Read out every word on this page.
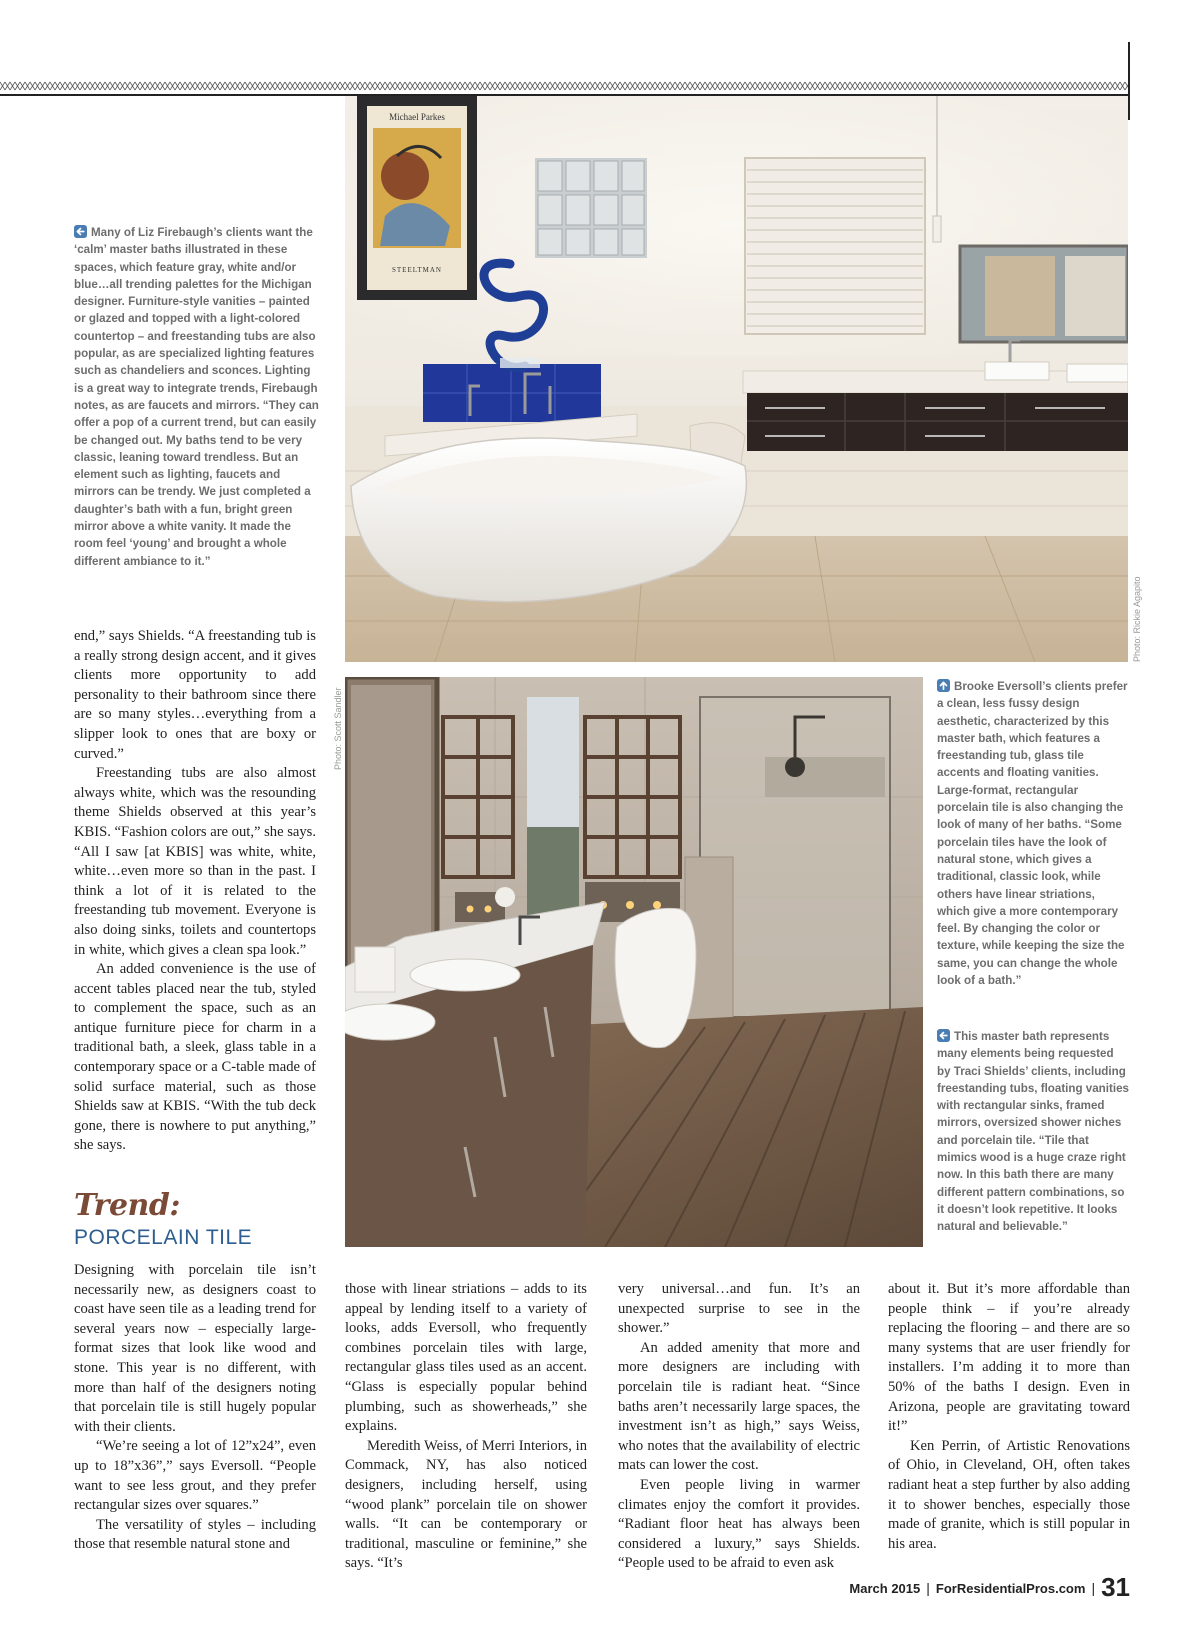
Many of Liz Firebaugh’s clients want the ‘calm’ master baths illustrated in these spaces, which feature gray, white and/or blue…all trending palettes for the Michigan designer. Furniture-style vanities – painted or glazed and topped with a light-colored countertop – and freestanding tubs are also popular, as are specialized lighting features such as chandeliers and sconces. Lighting is a great way to integrate trends, Firebaugh notes, as are faucets and mirrors. “They can offer a pop of a current trend, but can easily be changed out. My baths tend to be very classic, leaning toward trendless. But an element such as lighting, faucets and mirrors can be trendy. We just completed a daughter’s bath with a fun, bright green mirror above a white vanity. It made the room feel ‘young’ and brought a whole different ambiance to it.”
Michael Parkes
STEELTMAN
Photo: Rickie Agapito

end,” says Shields. “A freestanding tub is a really strong design accent, and it gives clients more opportunity to add personality to their bathroom since there are so many styles…everything from a slipper look to ones that are boxy or curved.”

Freestanding tubs are also almost always white, which was the resounding theme Shields observed at this year’s KBIS. “Fashion colors are out,” she says. “All I saw [at KBIS] was white, white, white…even more so than in the past. I think a lot of it is related to the freestanding tub movement. Everyone is also doing sinks, toilets and countertops in white, which gives a clean spa look.”

An added convenience is the use of accent tables placed near the tub, styled to complement the space, such as an antique furniture piece for charm in a traditional bath, a sleek, glass table in a contemporary space or a C-table made of solid surface material, such as those Shields saw at KBIS. “With the tub deck gone, there is nowhere to put anything,” she says.

Photo: Scott Sandler
Brooke Eversoll’s clients prefer a clean, less fussy design aesthetic, characterized by this master bath, which features a freestanding tub, glass tile accents and floating vanities. Large-format, rectangular porcelain tile is also changing the look of many of her baths. “Some porcelain tiles have the look of natural stone, which gives a traditional, classic look, while others have linear striations, which give a more contemporary feel. By changing the color or texture, while keeping the size the same, you can change the whole look of a bath.”
This master bath represents many elements being requested by Traci Shields’ clients, including freestanding tubs, floating vanities with rectangular sinks, framed mirrors, oversized shower niches and porcelain tile. “Tile that mimics wood is a huge craze right now. In this bath there are many different pattern combinations, so it doesn’t look repetitive. It looks natural and believable.”
Trend:
PORCELAIN TILE

Designing with porcelain tile isn’t necessarily new, as designers coast to coast have seen tile as a leading trend for several years now – especially large-format sizes that look like wood and stone. This year is no different, with more than half of the designers noting that porcelain tile is still hugely popular with their clients.

“We’re seeing a lot of 12”x24”, even up to 18”x36”,” says Eversoll. “People want to see less grout, and they prefer rectangular sizes over squares.”

The versatility of styles – including those that resemble natural stone and

those with linear striations – adds to its appeal by lending itself to a variety of looks, adds Eversoll, who frequently combines porcelain tiles with large, rectangular glass tiles used as an accent. “Glass is especially popular behind plumbing, such as showerheads,” she explains.

Meredith Weiss, of Merri Interiors, in Commack, NY, has also noticed designers, including herself, using “wood plank” porcelain tile on shower walls. “It can be contemporary or traditional, masculine or feminine,” she says. “It’s

very universal…and fun. It’s an unexpected surprise to see in the shower.”

An added amenity that more and more designers are including with porcelain tile is radiant heat. “Since baths aren’t necessarily large spaces, the investment isn’t as high,” says Weiss, who notes that the availability of electric mats can lower the cost.

Even people living in warmer climates enjoy the comfort it provides. “Radiant floor heat has always been considered a luxury,” says Shields. “People used to be afraid to even ask

about it. But it’s more affordable than people think – if you’re already replacing the flooring – and there are so many systems that are user friendly for installers. I’m adding it to more than 50% of the baths I design. Even in Arizona, people are gravitating toward it!”

Ken Perrin, of Artistic Renovations of Ohio, in Cleveland, OH, often takes radiant heat a step further by also adding it to shower benches, especially those made of granite, which is still popular in his area.

March 2015 | ForResidentialPros.com | 31
